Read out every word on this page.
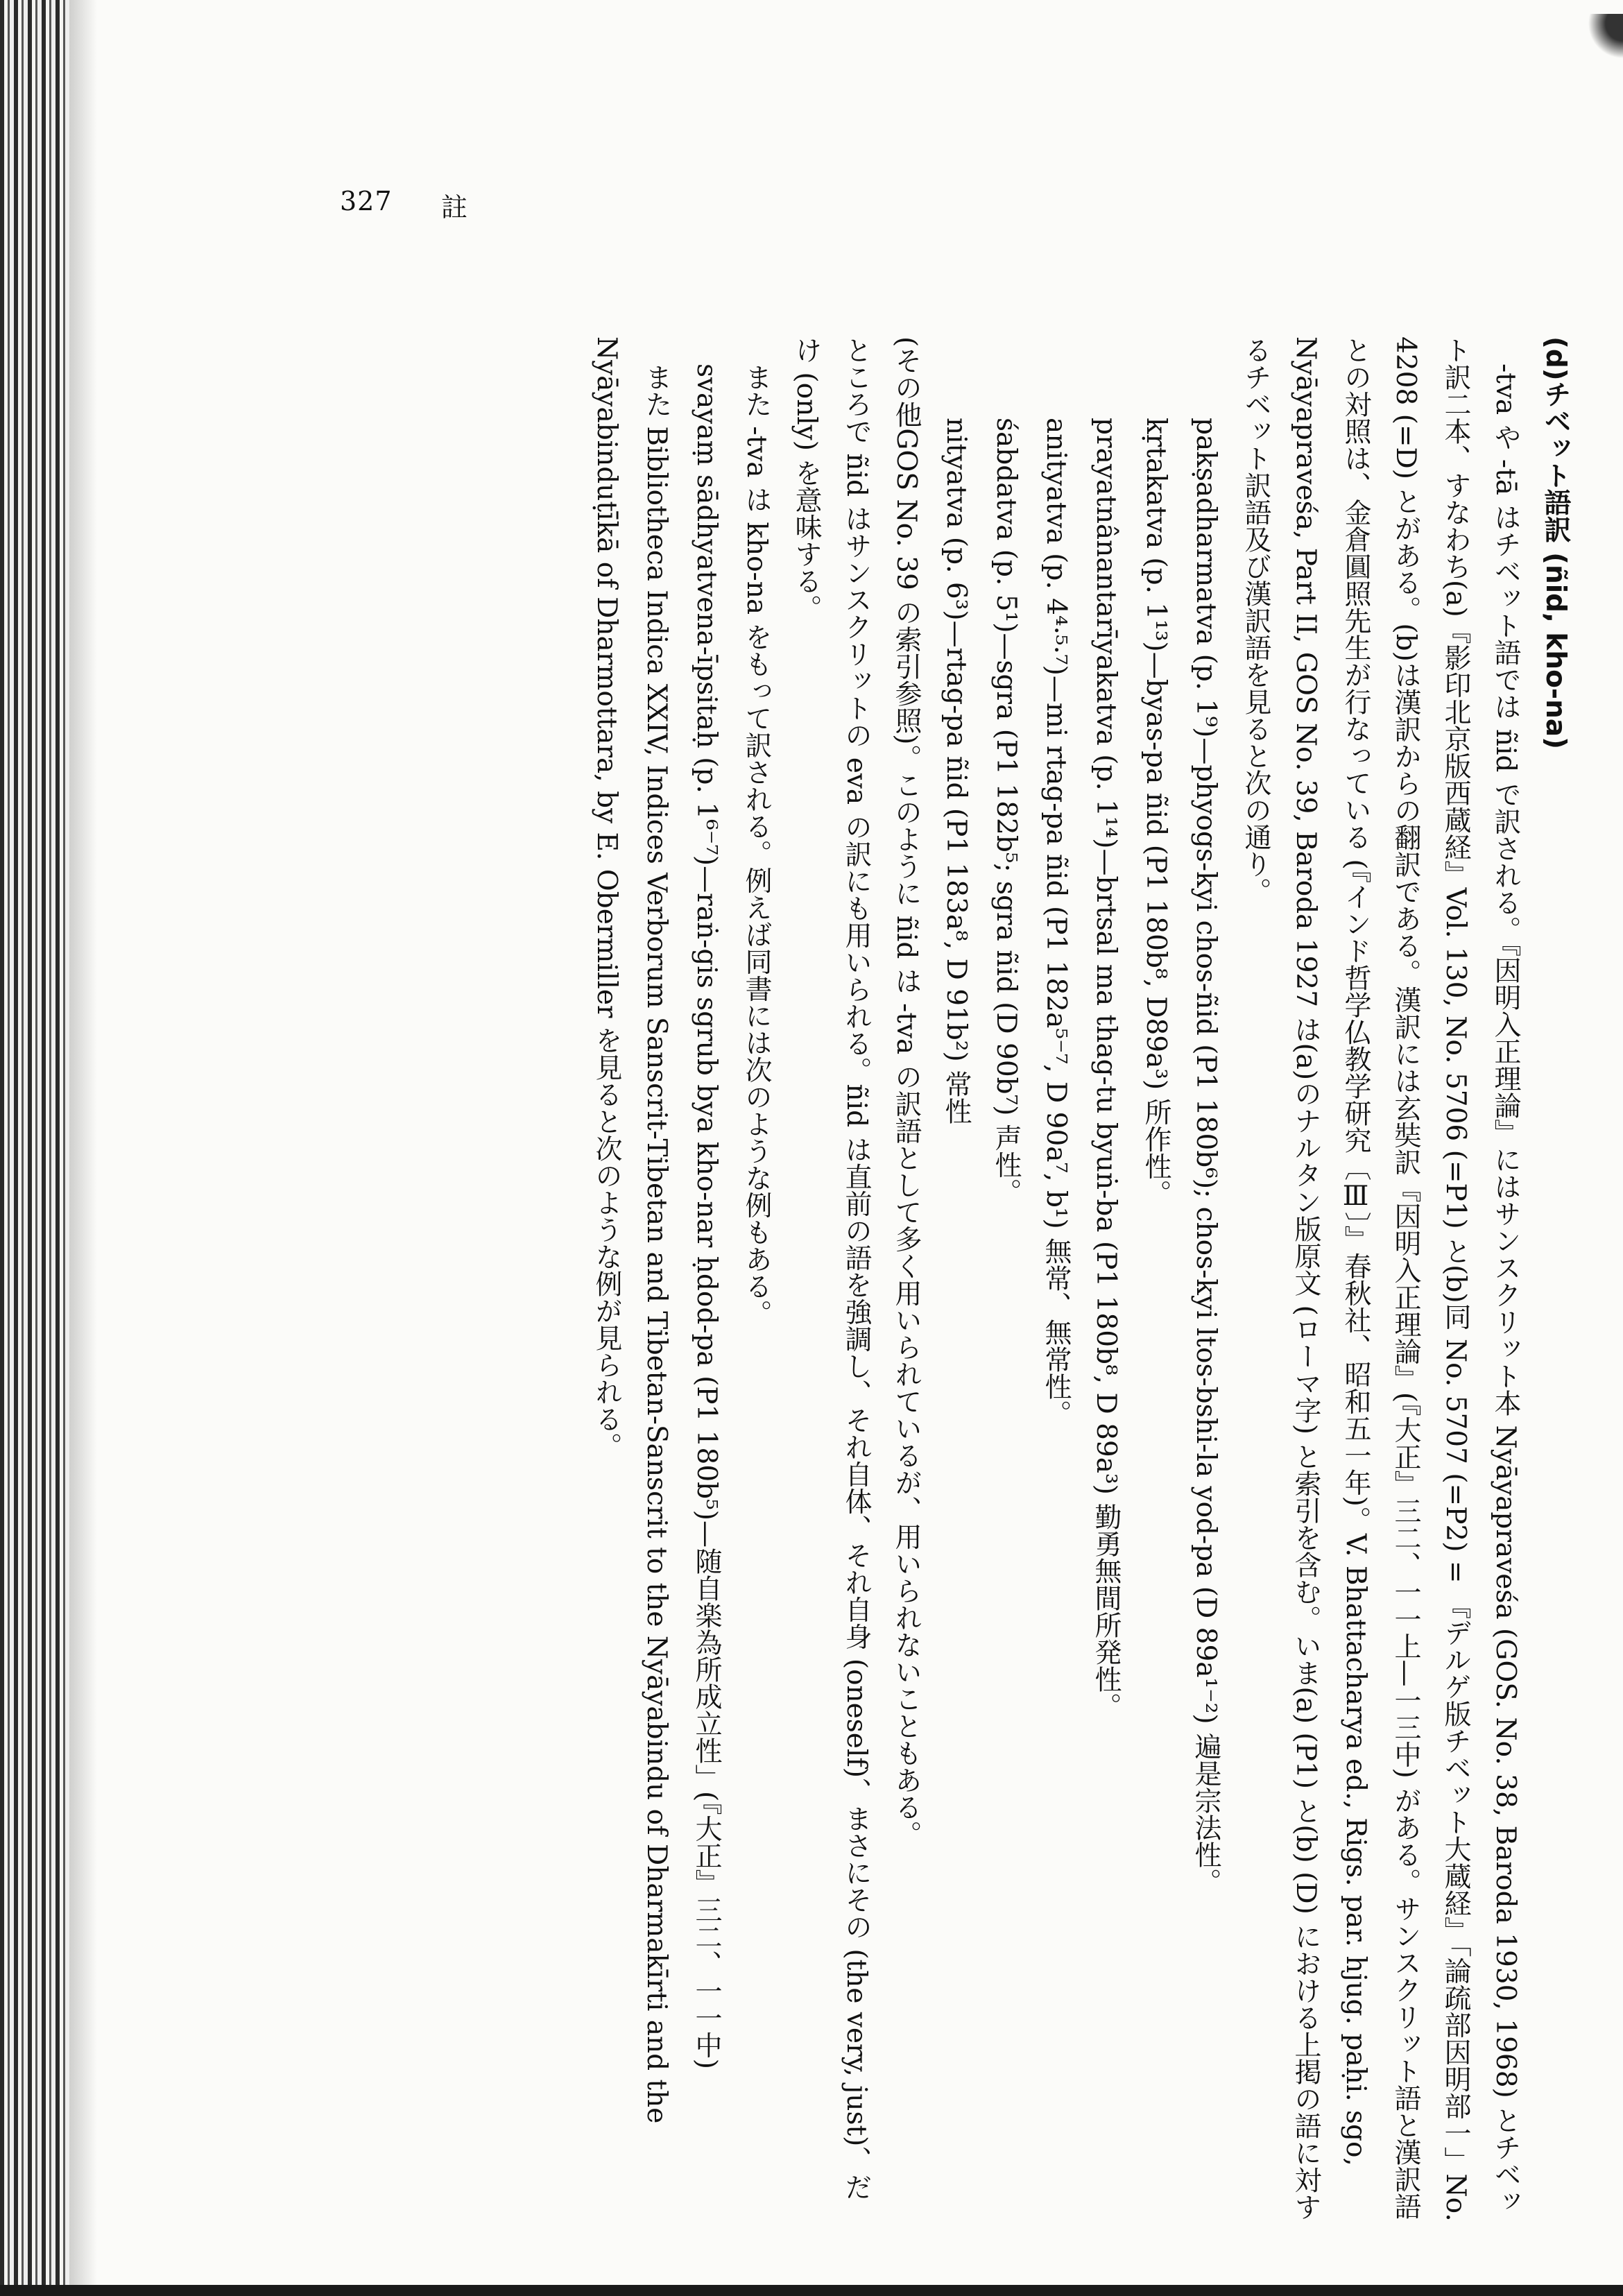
327 註

(d)チベット語訳 (ñid, kho-na)

-tva や -tā はチベット語では ñid で訳される。『因明入正理論』にはサンスクリット本 Nyāyapraveśa (GOS. No. 38, Baroda 1930, 1968) とチベット訳二本、すなわち(a)『影印北京版西蔵経』Vol. 130, No. 5706 (=P1) と(b)同 No. 5707 (=P2) = 『デルゲ版チベット大蔵経』「論疏部因明部一」No. 4208 (=D) とがある。(b)は漢訳からの翻訳である。漢訳には玄奘訳『因明入正理論』(『大正』三二、一一上—一三中) がある。サンスクリット語と漢訳語との対照は、金倉圓照先生が行なっている (『インド哲学仏教学研究〔Ⅲ〕』春秋社、昭和五一年)。V. Bhattacharya ed., Rigs. par. hjug. paḥi. sgo, Nyāyapraveśa, Part II, GOS No. 39, Baroda 1927 は(a)のナルタン版原文 (ローマ字) と索引を含む。いま(a) (P1) と(b) (D) における上掲の語に対するチベット訳語及び漢訳語を見ると次の通り。

pakṣadharmatva (p. 1⁹)—phyogs-kyi chos-ñid (P1 180b⁶); chos-kyi ltos-bshi-la yod-pa (D 89a¹⁻²) 遍是宗法性。

kṛtakatva (p. 1¹³)—byas-pa ñid (P1 180b⁸, D89a³) 所作性。

prayatnânantarīyakatva (p. 1¹⁴)—brtsal ma thag-tu byuṅ-ba (P1 180b⁸, D 89a³) 勤勇無間所発性。

anityatva (p. 4⁴·⁵·⁷)—mi rtag-pa ñid (P1 182a⁵⁻⁷, D 90a⁷, b¹) 無常、無常性。

śabdatva (p. 5¹)—sgra (P1 182b⁵; sgra ñid (D 90b⁷) 声性。

nityatva (p. 6³)—rtag-pa ñid (P1 183a⁸, D 91b²) 常性

(その他GOS No. 39 の索引参照)。このように ñid は -tva の訳語として多く用いられているが、用いられないこともある。

ところで ñid はサンスクリットの eva の訳にも用いられる。ñid は直前の語を強調し、それ自体、それ自身 (oneself)、まさにその (the very, just)、だけ (only) を意味する。

また -tva は kho-na をもって訳される。例えば同書には次のような例もある。

svayaṃ sādhyatvena-īpsitaḥ (p. 1⁶⁻⁷)—raṅ-gis sgrub bya kho-nar ḥdod-pa (P1 180b⁵)—随自楽為所成立性」(『大正』三二、一一中)

また Bibliotheca Indica XXIV, Indices Verborum Sanscrit-Tibetan and Tibetan-Sanscrit to the Nyāyabindu of Dharmakīrti and the Nyāyabinduṭīkā of Dharmottara, by E. Obermiller を見ると次のような例が見られる。
